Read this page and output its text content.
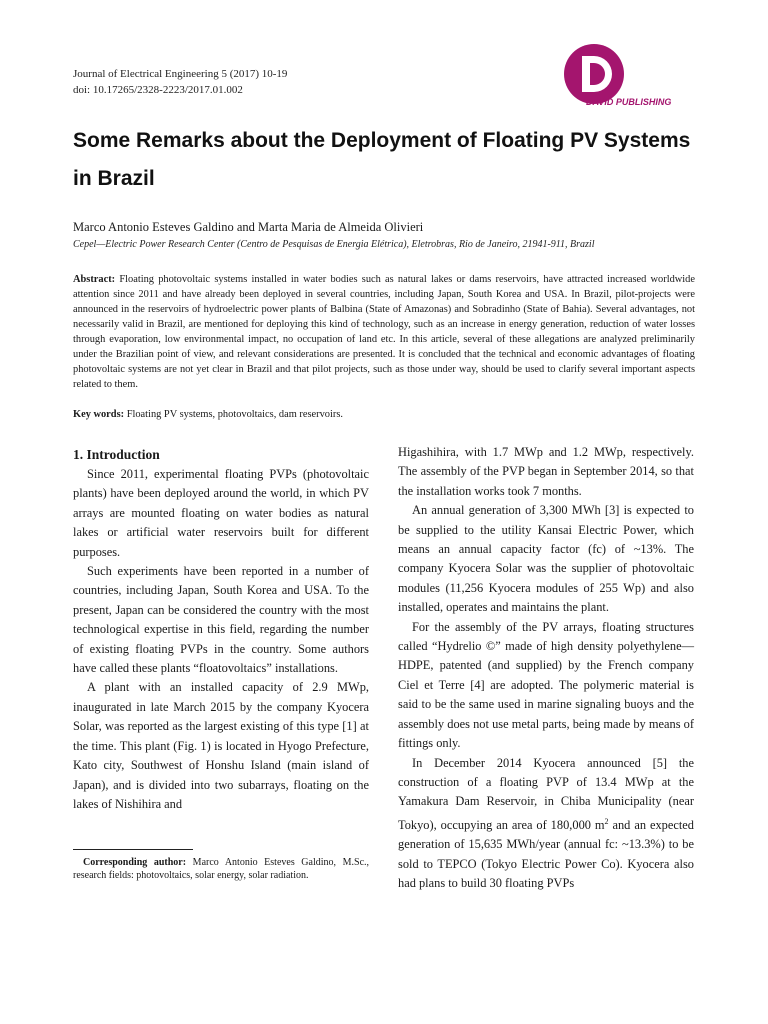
Journal of Electrical Engineering 5 (2017) 10-19
doi: 10.17265/2328-2223/2017.01.002
DAVID PUBLISHING
Some Remarks about the Deployment of Floating PV Systems in Brazil
Marco Antonio Esteves Galdino and Marta Maria de Almeida Olivieri
Cepel—Electric Power Research Center (Centro de Pesquisas de Energia Elétrica), Eletrobras, Rio de Janeiro, 21941-911, Brazil
Abstract: Floating photovoltaic systems installed in water bodies such as natural lakes or dams reservoirs, have attracted increased worldwide attention since 2011 and have already been deployed in several countries, including Japan, South Korea and USA. In Brazil, pilot-projects were announced in the reservoirs of hydroelectric power plants of Balbina (State of Amazonas) and Sobradinho (State of Bahia). Several advantages, not necessarily valid in Brazil, are mentioned for deploying this kind of technology, such as an increase in energy generation, reduction of water losses through evaporation, low environmental impact, no occupation of land etc. In this article, several of these allegations are analyzed preliminarily under the Brazilian point of view, and relevant considerations are presented. It is concluded that the technical and economic advantages of floating photovoltaic systems are not yet clear in Brazil and that pilot projects, such as those under way, should be used to clarify several important aspects related to them.
Key words: Floating PV systems, photovoltaics, dam reservoirs.

1. Introduction

Since 2011, experimental floating PVPs (photovoltaic plants) have been deployed around the world, in which PV arrays are mounted floating on water bodies as natural lakes or artificial water reservoirs built for different purposes.

Such experiments have been reported in a number of countries, including Japan, South Korea and USA. To the present, Japan can be considered the country with the most technological expertise in this field, regarding the number of existing floating PVPs in the country. Some authors have called these plants “floatovoltaics” installations.

A plant with an installed capacity of 2.9 MWp, inaugurated in late March 2015 by the company Kyocera Solar, was reported as the largest existing of this type [1] at the time. This plant (Fig. 1) is located in Hyogo Prefecture, Kato city, Southwest of Honshu Island (main island of Japan), and is divided into two subarrays, floating on the lakes of Nishihira and

Higashihira, with 1.7 MWp and 1.2 MWp, respectively. The assembly of the PVP began in September 2014, so that the installation works took 7 months.

An annual generation of 3,300 MWh [3] is expected to be supplied to the utility Kansai Electric Power, which means an annual capacity factor (fc) of ~13%. The company Kyocera Solar was the supplier of photovoltaic modules (11,256 Kyocera modules of 255 Wp) and also installed, operates and maintains the plant.

For the assembly of the PV arrays, floating structures called “Hydrelio ©” made of high density polyethylene—HDPE, patented (and supplied) by the French company Ciel et Terre [4] are adopted. The polymeric material is said to be the same used in marine signaling buoys and the assembly does not use metal parts, being made by means of fittings only.

In December 2014 Kyocera announced [5] the construction of a floating PVP of 13.4 MWp at the Yamakura Dam Reservoir, in Chiba Municipality (near Tokyo), occupying an area of 180,000 $m^2$ and an expected generation of 15,635 MWh/year (annual fc: ~13.3%) to be sold to TEPCO (Tokyo Electric Power Co). Kyocera also had plans to build 30 floating PVPs

Corresponding author: Marco Antonio Esteves Galdino, M.Sc., research fields: photovoltaics, solar energy, solar radiation.
